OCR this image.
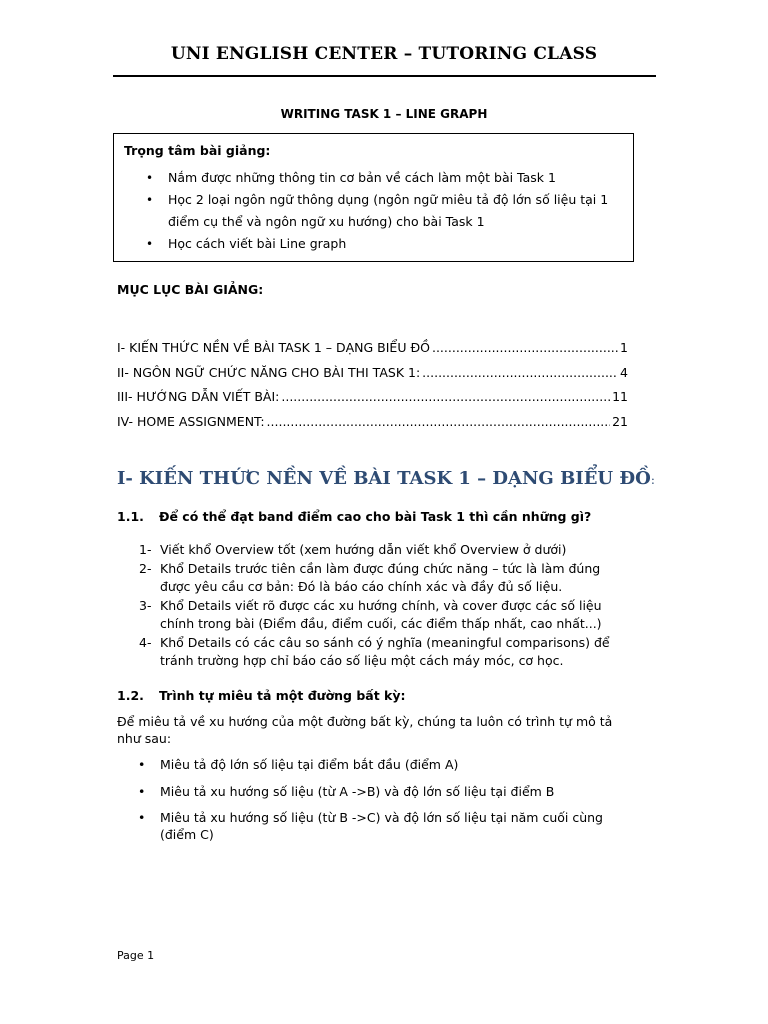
UNI ENGLISH CENTER – TUTORING CLASS
WRITING TASK 1 – LINE GRAPH
Trọng tâm bài giảng:
• Nắm được những thông tin cơ bản về cách làm một bài Task 1
• Học 2 loại ngôn ngữ thông dụng (ngôn ngữ miêu tả độ lớn số liệu tại 1 điểm cụ thể và ngôn ngữ xu hướng) cho bài Task 1
• Học cách viết bài Line graph
MỤC LỤC BÀI GIẢNG:
I- KIẾN THỨC NỀN VỀ BÀI TASK 1 – DẠNG BIỂU ĐỒ .....	1
II- NGÔN NGỮ CHỨC NĂNG CHO BÀI THI TASK 1: .....	4
III- HƯỚNG DẪN VIẾT BÀI: .....	11
IV- HOME ASSIGNMENT: .....	21
I- KIẾN THỨC NỀN VỀ BÀI TASK 1 – DẠNG BIỂU ĐỒ:
1.1. Để có thể đạt band điểm cao cho bài Task 1 thì cần những gì?
1- Viết khổ Overview tốt (xem hướng dẫn viết khổ Overview ở dưới)
2- Khổ Details trước tiên cần làm được đúng chức năng – tức là làm đúng được yêu cầu cơ bản: Đó là báo cáo chính xác và đầy đủ số liệu.
3- Khổ Details viết rõ được các xu hướng chính, và cover được các số liệu chính trong bài (Điểm đầu, điểm cuối, các điểm thấp nhất, cao nhất...)
4- Khổ Details có các câu so sánh có ý nghĩa (meaningful comparisons) để tránh trường hợp chỉ báo cáo số liệu một cách máy móc, cơ học.
1.2. Trình tự miêu tả một đường bất kỳ:
Để miêu tả về xu hướng của một đường bất kỳ, chúng ta luôn có trình tự mô tả như sau:
• Miêu tả độ lớn số liệu tại điểm bắt đầu (điểm A)
• Miêu tả xu hướng số liệu (từ A ->B) và độ lớn số liệu tại điểm B
• Miêu tả xu hướng số liệu (từ B ->C) và độ lớn số liệu tại năm cuối cùng (điểm C)
Page 1
